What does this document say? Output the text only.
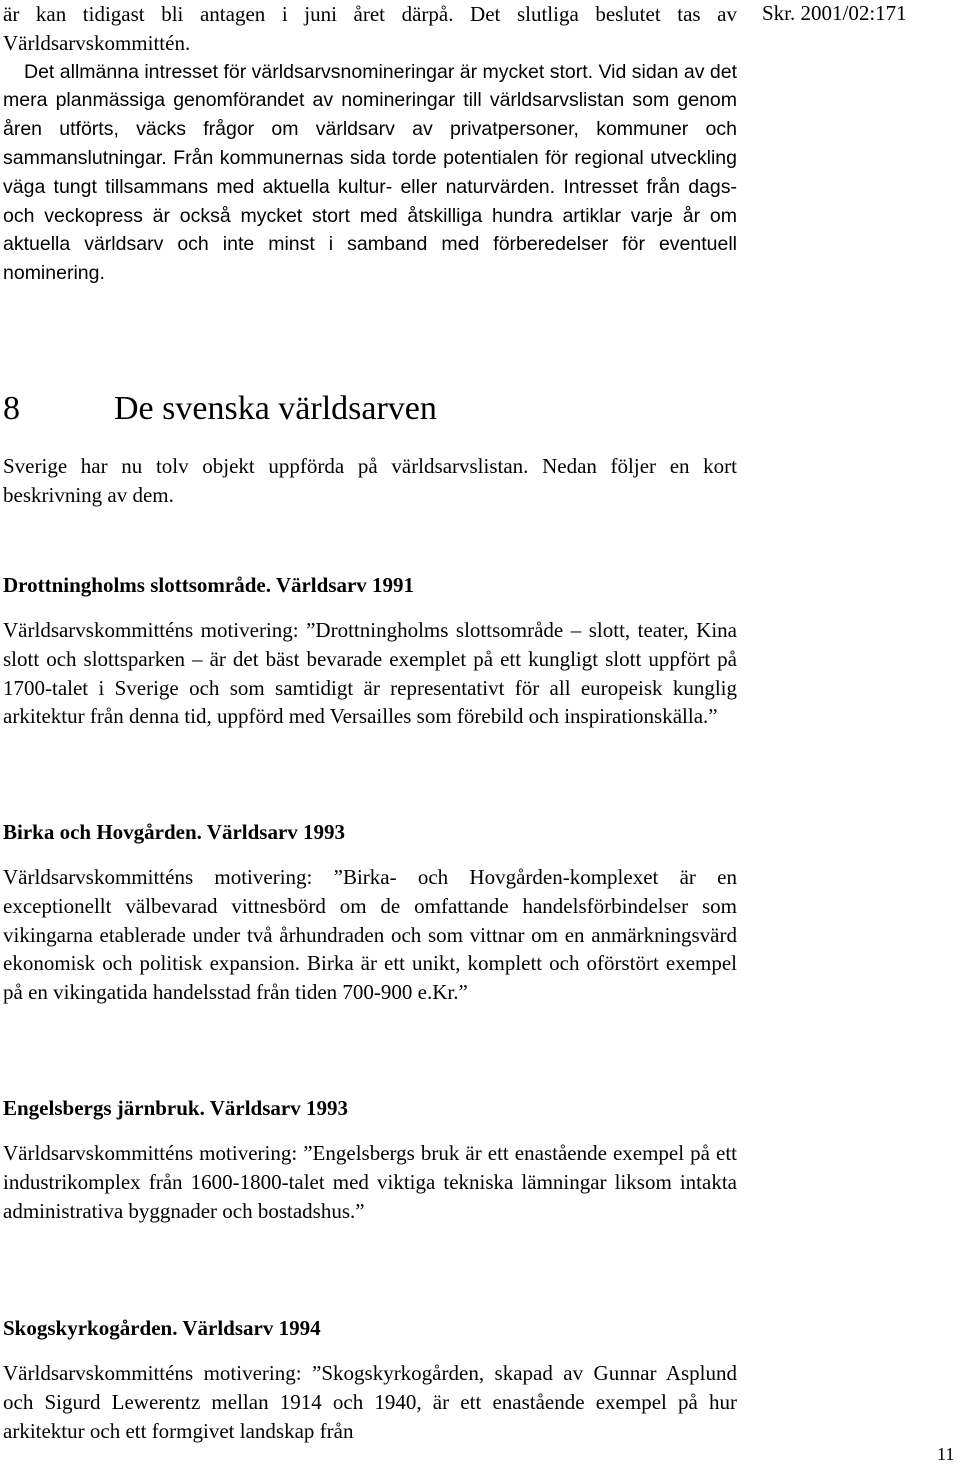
Skr. 2001/02:171

är kan tidigast bli antagen i juni året därpå. Det slutliga beslutet tas av Världsarvskommittén.

Det allmänna intresset för världsarvsnomineringar är mycket stort. Vid sidan av det mera planmässiga genomförandet av nomineringar till världsarvslistan som genom åren utförts, väcks frågor om världsarv av privatpersoner, kommuner och sammanslutningar. Från kommunernas sida torde potentialen för regional utveckling väga tungt tillsammans med aktuella kultur- eller naturvärden. Intresset från dags- och veckopress är också mycket stort med åtskilliga hundra artiklar varje år om aktuella världsarv och inte minst i samband med förberedelser för eventuell nominering.

8	De svenska världsarven

Sverige har nu tolv objekt uppförda på världsarvslistan. Nedan följer en kort beskrivning av dem.

Drottningholms slottsområde. Världsarv 1991

Världsarvskommitténs motivering: ”Drottningholms slottsområde – slott, teater, Kina slott och slottsparken – är det bäst bevarade exemplet på ett kungligt slott uppfört på 1700-talet i Sverige och som samtidigt är representativt för all europeisk kunglig arkitektur från denna tid, uppförd med Versailles som förebild och inspirationskälla.”

Birka och Hovgården. Världsarv 1993

Världsarvskommitténs motivering: ”Birka- och Hovgården-komplexet är en exceptionellt välbevarad vittnesbörd om de omfattande handelsförbindelser som vikingarna etablerade under två århundraden och som vittnar om en anmärkningsvärd ekonomisk och politisk expansion. Birka är ett unikt, komplett och oförstört exempel på en vikingatida handelsstad från tiden 700-900 e.Kr.”

Engelsbergs järnbruk. Världsarv 1993

Världsarvskommitténs motivering: ”Engelsbergs bruk är ett enastående exempel på ett industrikomplex från 1600-1800-talet med viktiga tekniska lämningar liksom intakta administrativa byggnader och bostadshus.”

Skogskyrkogården. Världsarv 1994

Världsarvskommitténs motivering: ”Skogskyrkogården, skapad av Gunnar Asplund och Sigurd Lewerentz mellan 1914 och 1940, är ett enastående exempel på hur arkitektur och ett formgivet landskap från

11
